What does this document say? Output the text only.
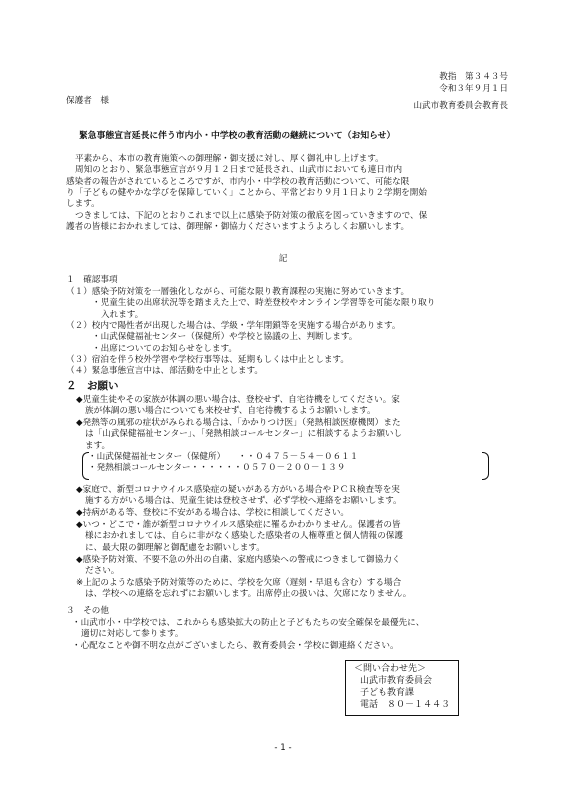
教指　第３４３号
令和３年９月１日
保護者　様	山武市教育委員会教育長
緊急事態宣言延長に伴う市内小・中学校の教育活動の継続について（お知らせ）
平素から、本市の教育施策への御理解・御支援に対し、厚く御礼申し上げます。
周知のとおり、緊急事態宣言が９月１２日まで延長され、山武市においても連日市内
感染者の報告がされているところですが、市内小・中学校の教育活動について、可能な限
り「子どもの健やかな学びを保障していく」ことから、平常どおり９月１日より２学期を開始
します。
つきましては、下記のとおりこれまで以上に感染予防対策の徹底を図っていきますので、保
護者の皆様におかれましては、御理解・御協力くださいますようよろしくお願いします。
記
１　確認事項
（１）感染予防対策を一層強化しながら、可能な限り教育課程の実施に努めていきます。
・児童生徒の出席状況等を踏まえた上で、時差登校やオンライン学習等を可能な限り取り
入れます。
（２）校内で陽性者が出現した場合は、学級・学年閉鎖等を実施する場合があります。
・山武保健福祉センター（保健所）や学校と協議の上、判断します。
・出席についてのお知らせをします。
（３）宿泊を伴う校外学習や学校行事等は、延期もしくは中止とします。
（４）緊急事態宣言中は、部活動を中止とします。
２　お願い
◆児童生徒やその家族が体調の悪い場合は、登校せず、自宅待機をしてください。家
族が体調の悪い場合についても来校せず、自宅待機するようお願いします。
◆発熱等の風邪の症状がみられる場合は、「かかりつけ医」（発熱相談医療機関）また
は「山武保健福祉センター」、「発熱相談コールセンター」に相談するようお願いし
ます。
・山武保健福祉センター（保健所）　　・・０４７５－５４－０６１１
・発熱相談コールセンター・・・・・・０５７０－２００－１３９
◆家庭で、新型コロナウイルス感染症の疑いがある方がいる場合やＰＣＲ検査等を実
施する方がいる場合は、児童生徒は登校させず、必ず学校へ連絡をお願いします。
◆持病がある等、登校に不安がある場合は、学校に相談してください。
◆いつ・どこで・誰が新型コロナウイルス感染症に罹るかわかりません。保護者の皆
様におかれましては、自らに非がなく感染した感染者の人権尊重と個人情報の保護
に、最大限の御理解と御配慮をお願いします。
◆感染予防対策、不要不急の外出の自粛、家庭内感染への警戒につきまして御協力く
ださい。
※上記のような感染予防対策等のために、学校を欠席（遅刻・早退も含む）する場合
は、学校への連絡を忘れずにお願いします。出席停止の扱いは、欠席になりません。
３　その他
・山武市小・中学校では、これからも感染拡大の防止と子どもたちの安全確保を最優先に、
適切に対応して参ります。
・心配なことや御不明な点がございましたら、教育委員会・学校に御連絡ください。
＜問い合わせ先＞
山武市教育委員会
子ども教育課
電話　８０－１４４３
- 1 -
